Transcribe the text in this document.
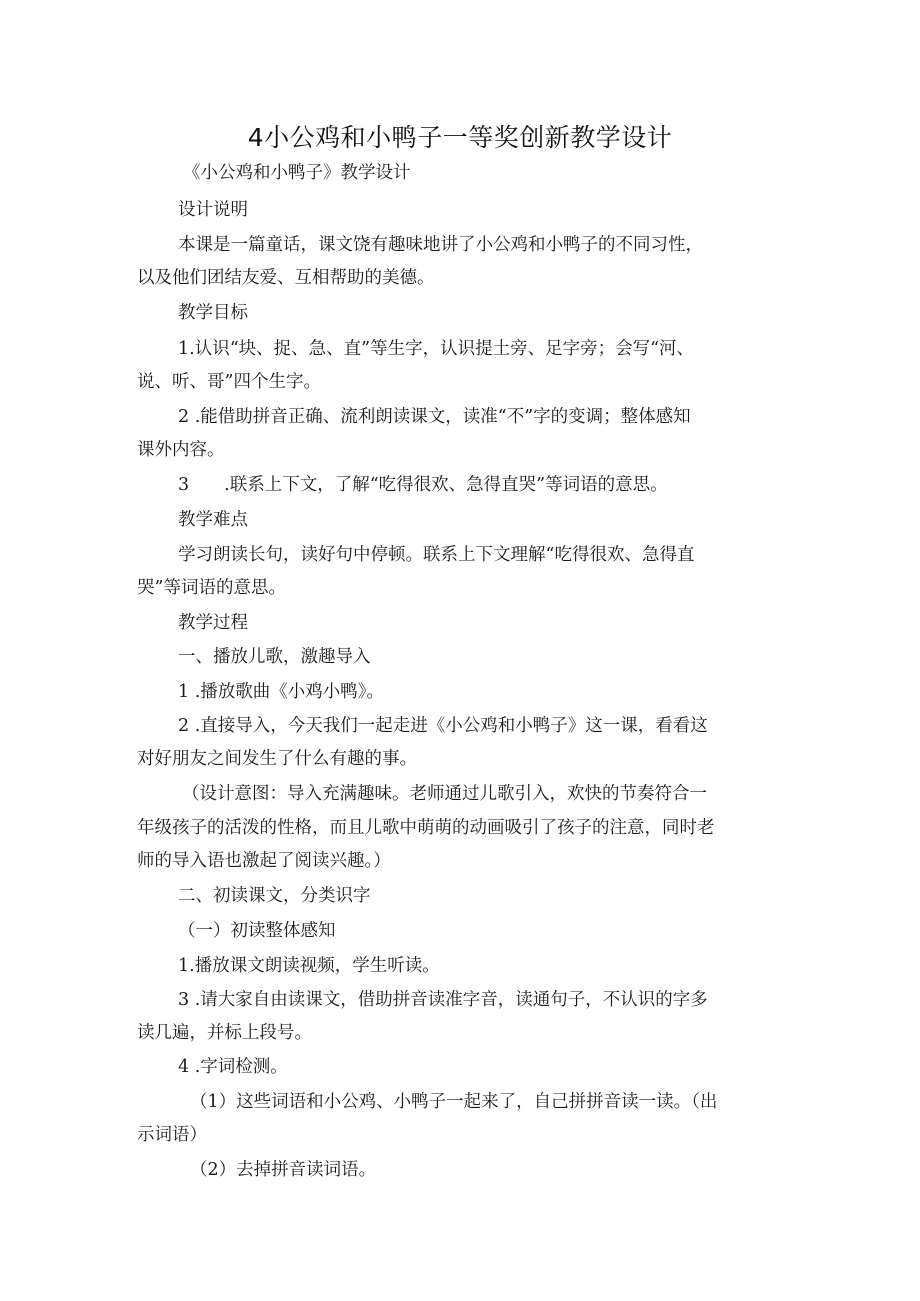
4小公鸡和小鸭子一等奖创新教学设计
《小公鸡和小鸭子》教学设计
设计说明
本课是一篇童话，课文饶有趣味地讲了小公鸡和小鸭子的不同习性，
以及他们团结友爱、互相帮助的美德。
教学目标
1.认识“块、捉、急、直”等生字，认识提土旁、足字旁；会写“河、
说、听、哥”四个生字。
2 .能借助拼音正确、流利朗读课文，读准“不”字的变调；整体感知
课外内容。
3　　.联系上下文，了解“吃得很欢、急得直哭”等词语的意思。
教学难点
学习朗读长句，读好句中停顿。联系上下文理解“吃得很欢、急得直
哭”等词语的意思。
教学过程
一、播放儿歌，激趣导入
1 .播放歌曲《小鸡小鸭》。
2 .直接导入，今天我们一起走进《小公鸡和小鸭子》这一课，看看这
对好朋友之间发生了什么有趣的事。
（设计意图：导入充满趣味。老师通过儿歌引入，欢快的节奏符合一
年级孩子的活泼的性格，而且儿歌中萌萌的动画吸引了孩子的注意，同时老
师的导入语也激起了阅读兴趣。）
二、初读课文，分类识字
（一）初读整体感知
1.播放课文朗读视频，学生听读。
3 .请大家自由读课文，借助拼音读准字音，读通句子，不认识的字多
读几遍，并标上段号。
4 .字词检测。
（1）这些词语和小公鸡、小鸭子一起来了，自己拼拼音读一读。（出
示词语）
（2）去掉拼音读词语。
